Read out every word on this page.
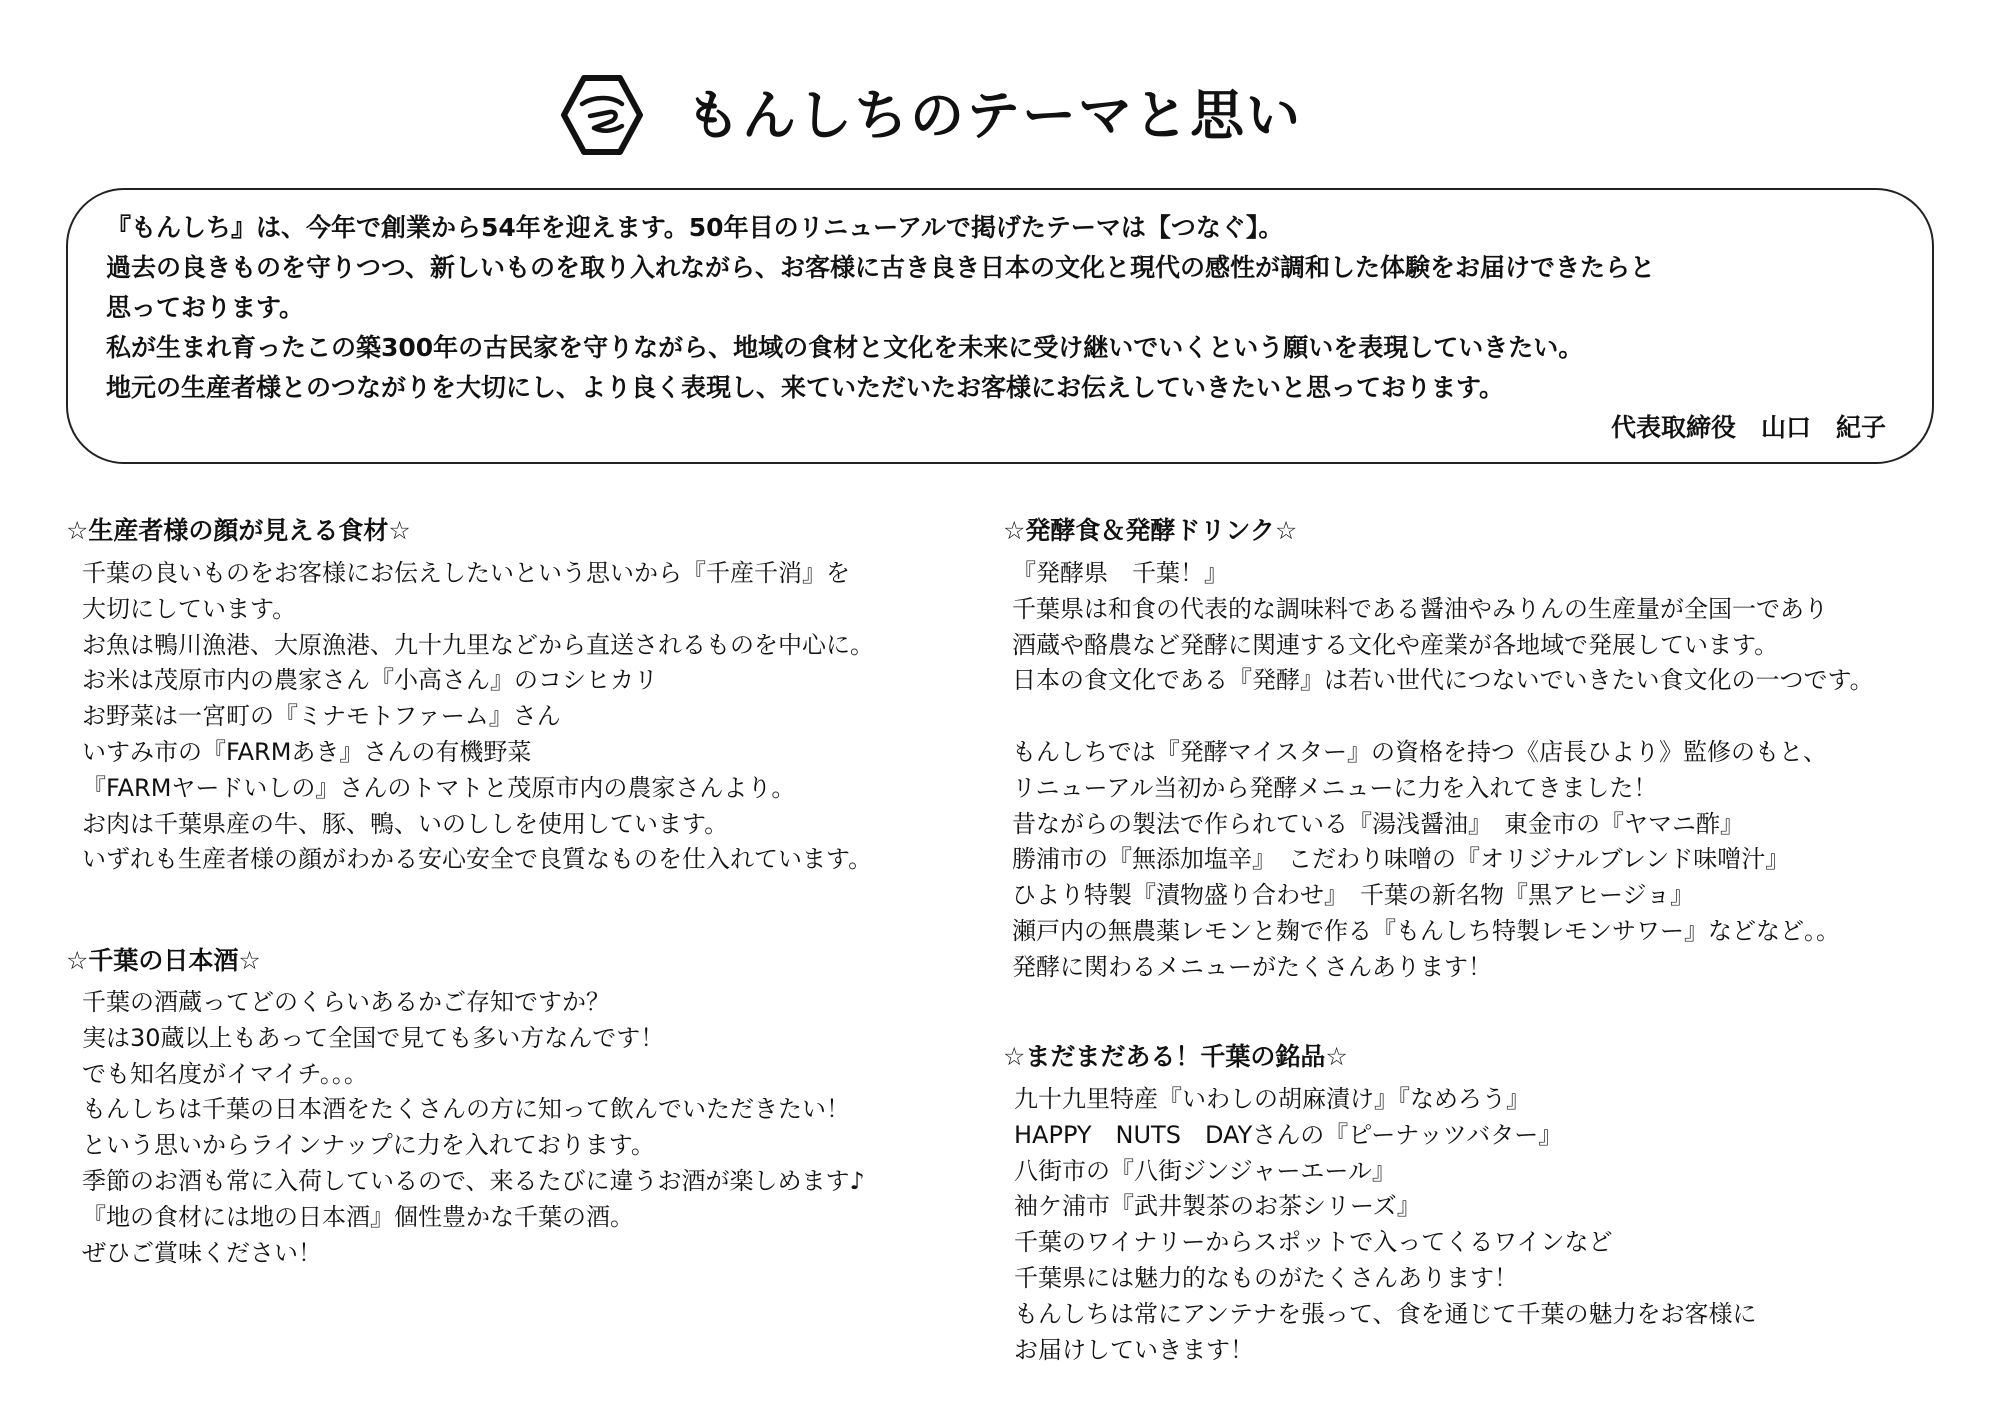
もんしちのテーマと思い
『もんしち』は、今年で創業から54年を迎えます。50年目のリニューアルで掲げたテーマは【つなぐ】。
過去の良きものを守りつつ、新しいものを取り入れながら、お客様に古き良き日本の文化と現代の感性が調和した体験をお届けできたらと
思っております。
私が生まれ育ったこの築300年の古民家を守りながら、地域の食材と文化を未来に受け継いでいくという願いを表現していきたい。
地元の生産者様とのつながりを大切にし、より良く表現し、来ていただいたお客様にお伝えしていきたいと思っております。
代表取締役　山口　紀子
☆生産者様の顔が見える食材☆
千葉の良いものをお客様にお伝えしたいという思いから『千産千消』を
大切にしています。
お魚は鴨川漁港、大原漁港、九十九里などから直送されるものを中心に。
お米は茂原市内の農家さん『小高さん』のコシヒカリ
お野菜は一宮町の『ミナモトファーム』さん
いすみ市の『FARMあき』さんの有機野菜
『FARMヤードいしの』さんのトマトと茂原市内の農家さんより。
お肉は千葉県産の牛、豚、鴨、いのししを使用しています。
いずれも生産者様の顔がわかる安心安全で良質なものを仕入れています。
☆千葉の日本酒☆
千葉の酒蔵ってどのくらいあるかご存知ですか？
実は30蔵以上もあって全国で見ても多い方なんです！
でも知名度がイマイチ。。。
もんしちは千葉の日本酒をたくさんの方に知って飲んでいただきたい！
という思いからラインナップに力を入れております。
季節のお酒も常に入荷しているので、来るたびに違うお酒が楽しめます♪
『地の食材には地の日本酒』個性豊かな千葉の酒。
ぜひご賞味ください！
☆発酵食＆発酵ドリンク☆
『発酵県　千葉！』
千葉県は和食の代表的な調味料である醤油やみりんの生産量が全国一であり
酒蔵や酪農など発酵に関連する文化や産業が各地域で発展しています。
日本の食文化である『発酵』は若い世代につないでいきたい食文化の一つです。
もんしちでは『発酵マイスター』の資格を持つ《店長ひより》監修のもと、
リニューアル当初から発酵メニューに力を入れてきました！
昔ながらの製法で作られている『湯浅醤油』　東金市の『ヤマニ酢』
勝浦市の『無添加塩辛』　こだわり味噌の『オリジナルブレンド味噌汁』
ひより特製『漬物盛り合わせ』　千葉の新名物『黒アヒージョ』
瀬戸内の無農薬レモンと麹で作る『もんしち特製レモンサワー』などなど。。
発酵に関わるメニューがたくさんあります！
☆まだまだある！千葉の銘品☆
九十九里特産『いわしの胡麻漬け』『なめろう』
HAPPY　NUTS　DAYさんの『ピーナッツバター』
八街市の『八街ジンジャーエール』
袖ケ浦市『武井製茶のお茶シリーズ』
千葉のワイナリーからスポットで入ってくるワインなど
千葉県には魅力的なものがたくさんあります！
もんしちは常にアンテナを張って、食を通じて千葉の魅力をお客様に
お届けしていきます！
